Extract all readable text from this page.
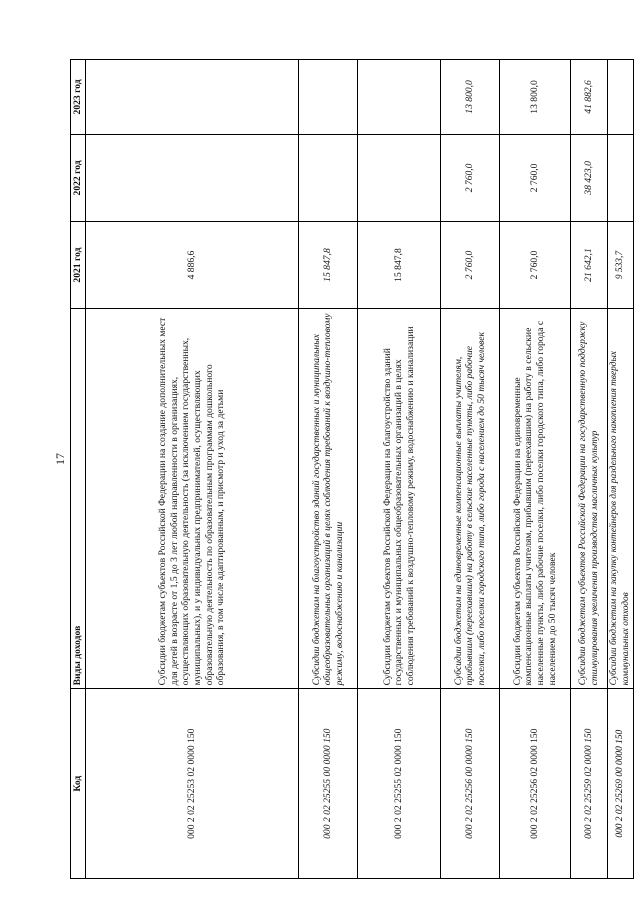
17
Код	Виды доходов	2021 год	2022 год	2023 год
000 2 02 25253 02 0000 150	Субсидии бюджетам субъектов Российской Федерации на создание дополнительных мест для детей в возрасте от 1,5 до 3 лет любой направленности в организациях, осуществляющих образовательную деятельность (за исключением государственных, муниципальных), и у индивидуальных предпринимателей, осуществляющих образовательную деятельность по образовательным программам дошкольного образования, в том числе адаптированным, и присмотр и уход за детьми	4 886,6		
000 2 02 25255 00 0000 150	Субсидии бюджетам на благоустройство зданий государственных и муниципальных общеобразовательных организаций в целях соблюдения требований к воздушно-тепловому режиму, водоснабжению и канализации	15 847,8		
000 2 02 25255 02 0000 150	Субсидии бюджетам субъектов Российской Федерации на благоустройство зданий государственных и муниципальных общеобразовательных организаций в целях соблюдения требований к воздушно-тепловому режиму, водоснабжению и канализации	15 847,8		
000 2 02 25256 00 0000 150	Субсидии бюджетам на единовременные компенсационные выплаты учителям, прибывшим (переехавшим) на работу в сельские населенные пункты, либо рабочие поселки, либо поселки городского типа, либо города с населением до 50 тысяч человек	2 760,0	2 760,0	13 800,0
000 2 02 25256 02 0000 150	Субсидии бюджетам субъектов Российской Федерации на единовременные компенсационные выплаты учителям, прибывшим (переехавшим) на работу в сельские населенные пункты, либо рабочие поселки, либо поселки городского типа, либо города с населением до 50 тысяч человек	2 760,0	2 760,0	13 800,0
000 2 02 25259 02 0000 150	Субсидии бюджетам субъектов Российской Федерации на государственную поддержку стимулирования увеличения производства масличных культур	21 642,1	38 423,0	41 882,6
000 2 02 25269 00 0000 150	Субсидии бюджетам на закупку контейнеров для раздельного накопления твердых коммунальных отходов	9 533,7		
